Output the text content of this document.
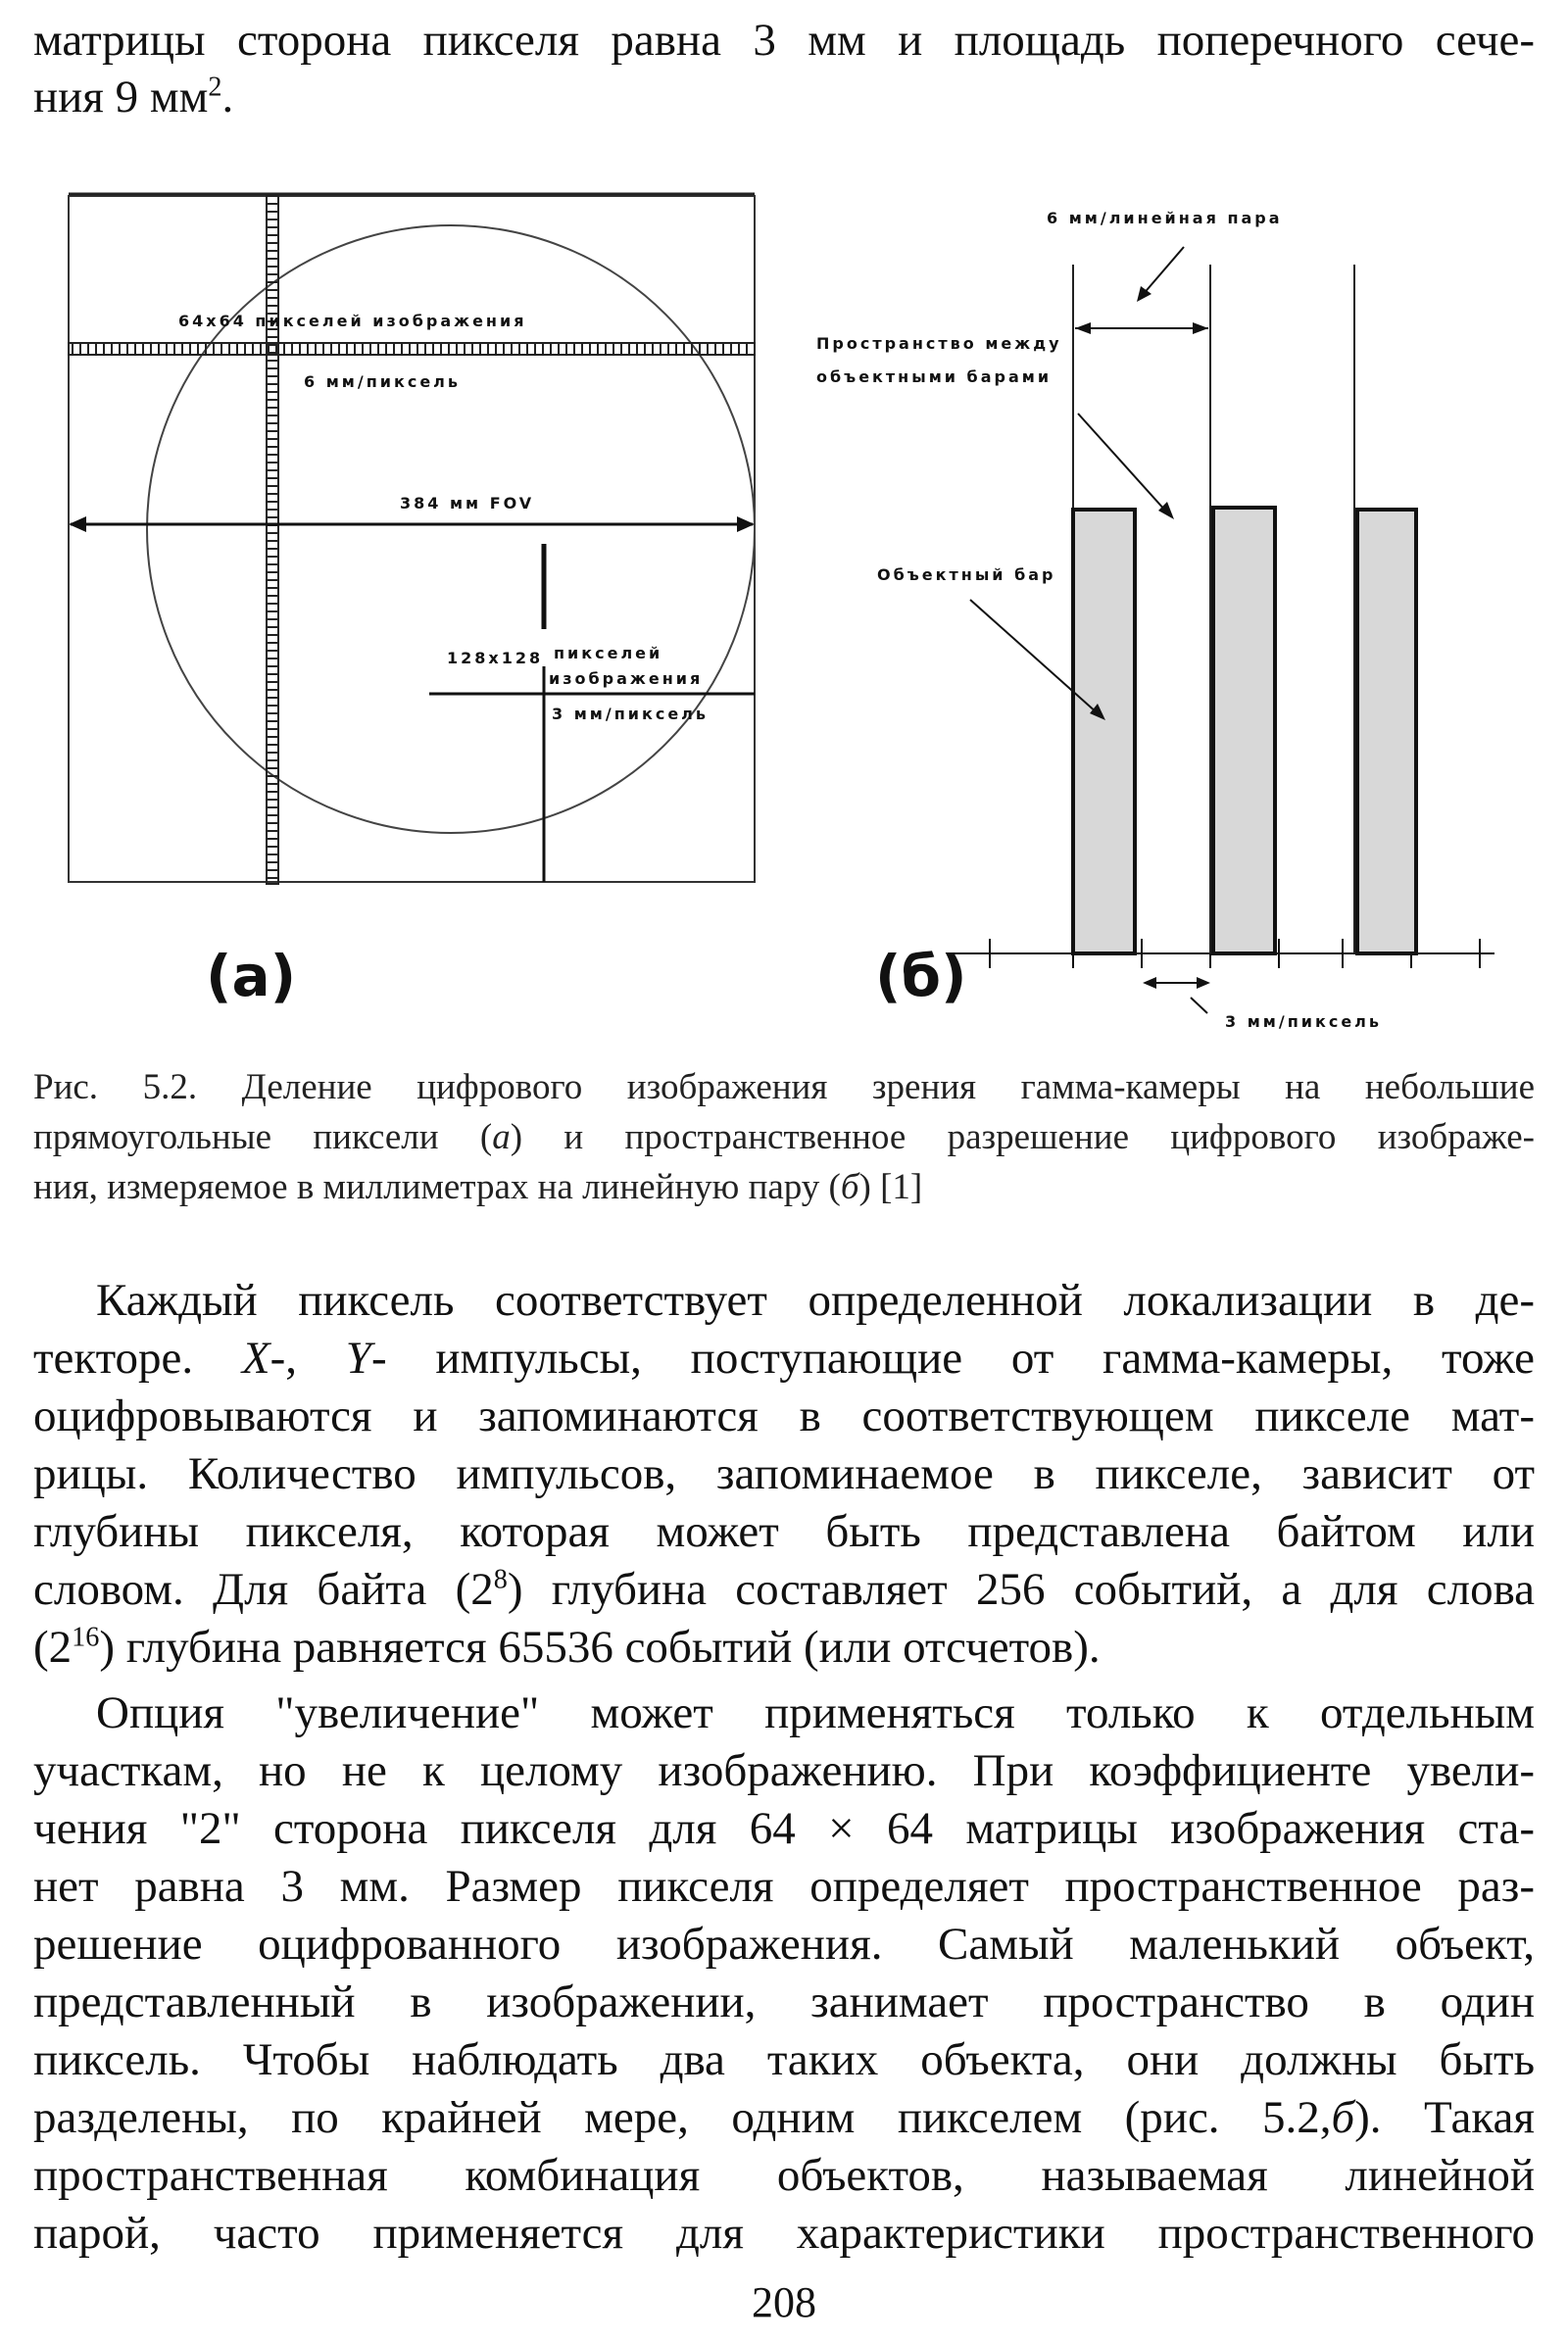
матрицы сторона пикселя равна 3 мм и площадь поперечного сече-
ния 9 $мм^2$.
64x64 пикселей изображения
6 мм/пиксель
384 мм FOV
128x128 пикселей
изображения
3 мм/пиксель
(a)
6 мм/линейная пара
Пространство между
объектными барами
Объектный бар
3 мм/пиксель
(б)
Рис. 5.2. Деление цифрового изображения зрения гамма-камеры на небольшие
прямоугольные пиксели (а) и пространственное разрешение цифрового изображе-
ния, измеряемое в миллиметрах на линейную пару (б) [1]
Каждый пиксель соответствует определенной локализации в де-
текторе. X-, Y- импульсы, поступающие от гамма-камеры, тоже
оцифровываются и запоминаются в соответствующем пикселе мат-
рицы. Количество импульсов, запоминаемое в пикселе, зависит от
глубины пикселя, которая может быть представлена байтом или
словом. Для байта $(2^8)$ глубина составляет 256 событий, а для слова
$(2^{16})$ глубина равняется 65536 событий (или отсчетов).
Опция "увеличение" может применяться только к отдельным
участкам, но не к целому изображению. При коэффициенте увели-
чения "2" сторона пикселя для 64 × 64 матрицы изображения ста-
нет равна 3 мм. Размер пикселя определяет пространственное раз-
решение оцифрованного изображения. Самый маленький объект,
представленный в изображении, занимает пространство в один
пиксель. Чтобы наблюдать два таких объекта, они должны быть
разделены, по крайней мере, одним пикселем (рис. 5.2,б). Такая
пространственная комбинация объектов, называемая линейной
парой, часто применяется для характеристики пространственного
208
